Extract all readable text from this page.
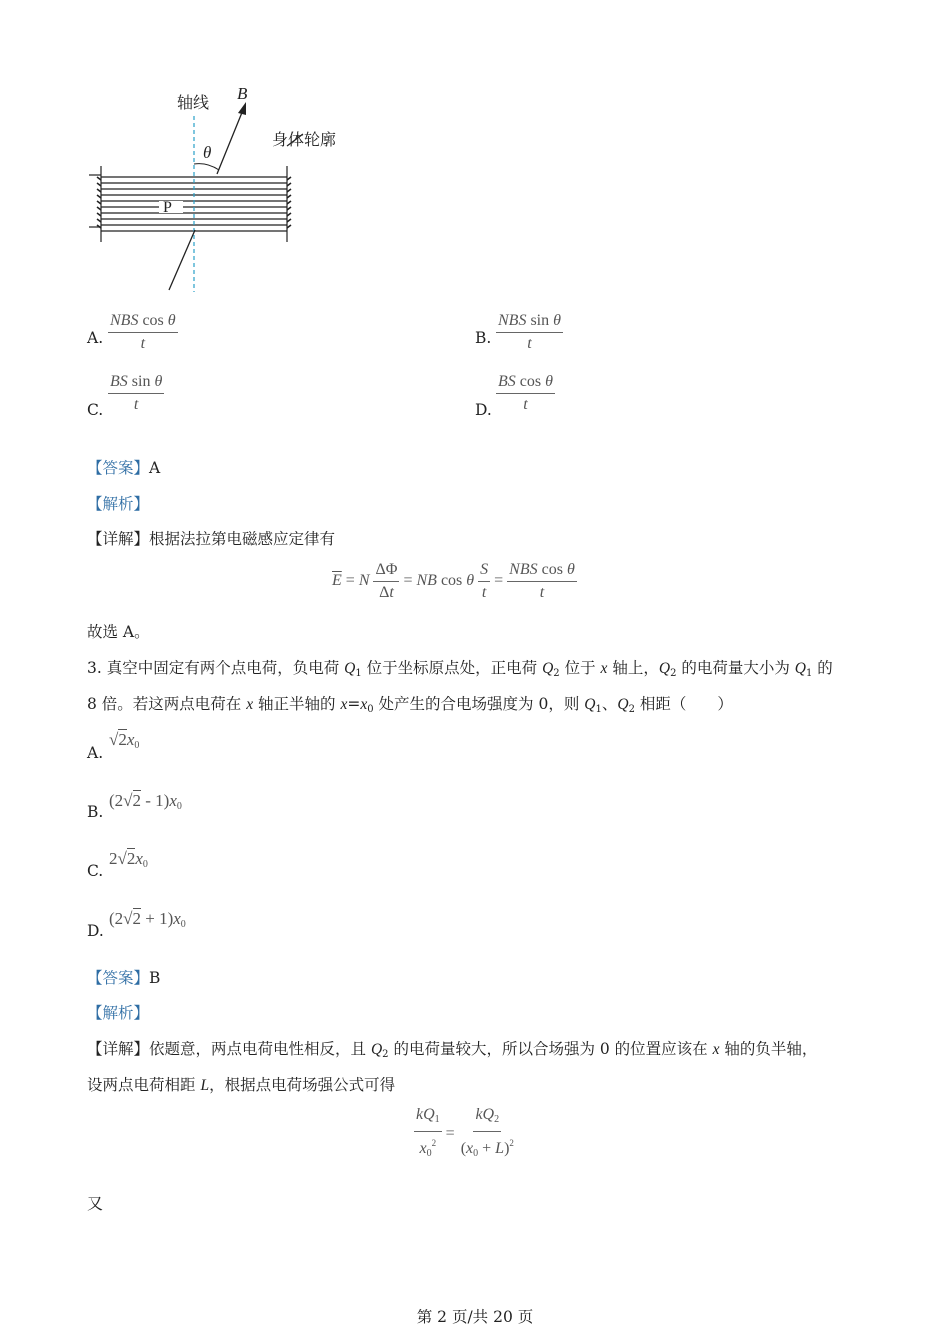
轴线 B
θ
身体轮廓
P
A. $\frac{\text{NBS cos θ}}{t}$	B. $\frac{\text{NBS sin θ}}{t}$
C. $\frac{\text{BS sin θ}}{t}$	D. $\frac{\text{BS cos θ}}{t}$
【答案】A
【解析】
【详解】根据法拉第电磁感应定律有
$\overline{E} = N \frac{\Delta\Phi}{\Delta t}$ = NB cos θ $\frac{S}{t} = \frac{\text{NBS cos θ}}{t}$
故选 A。
3. 真空中固定有两个点电荷，负电荷 Q1 位于坐标原点处，正电荷 Q2 位于 x 轴上，Q2 的电荷量大小为 Q1 的
8 倍。若这两点电荷在 x 轴正半轴的 x=x0 处产生的合电场强度为 0，则 Q1、Q2 相距（　　）
A.
√2x0
B.
(2√2 - 1)x0
C.
2√2x0
D.
(2√2 + 1)x0
【答案】B
【解析】
【详解】依题意，两点电荷电性相反，且 Q2 的电荷量较大，所以合场强为 0 的位置应该在 x 轴的负半轴，
设两点电荷相距 L，根据点电荷场强公式可得
$\frac{kQ1}{x0^2} = \frac{kQ2}{(x0 + L)^2}$
又
第 2 页/共 20 页
